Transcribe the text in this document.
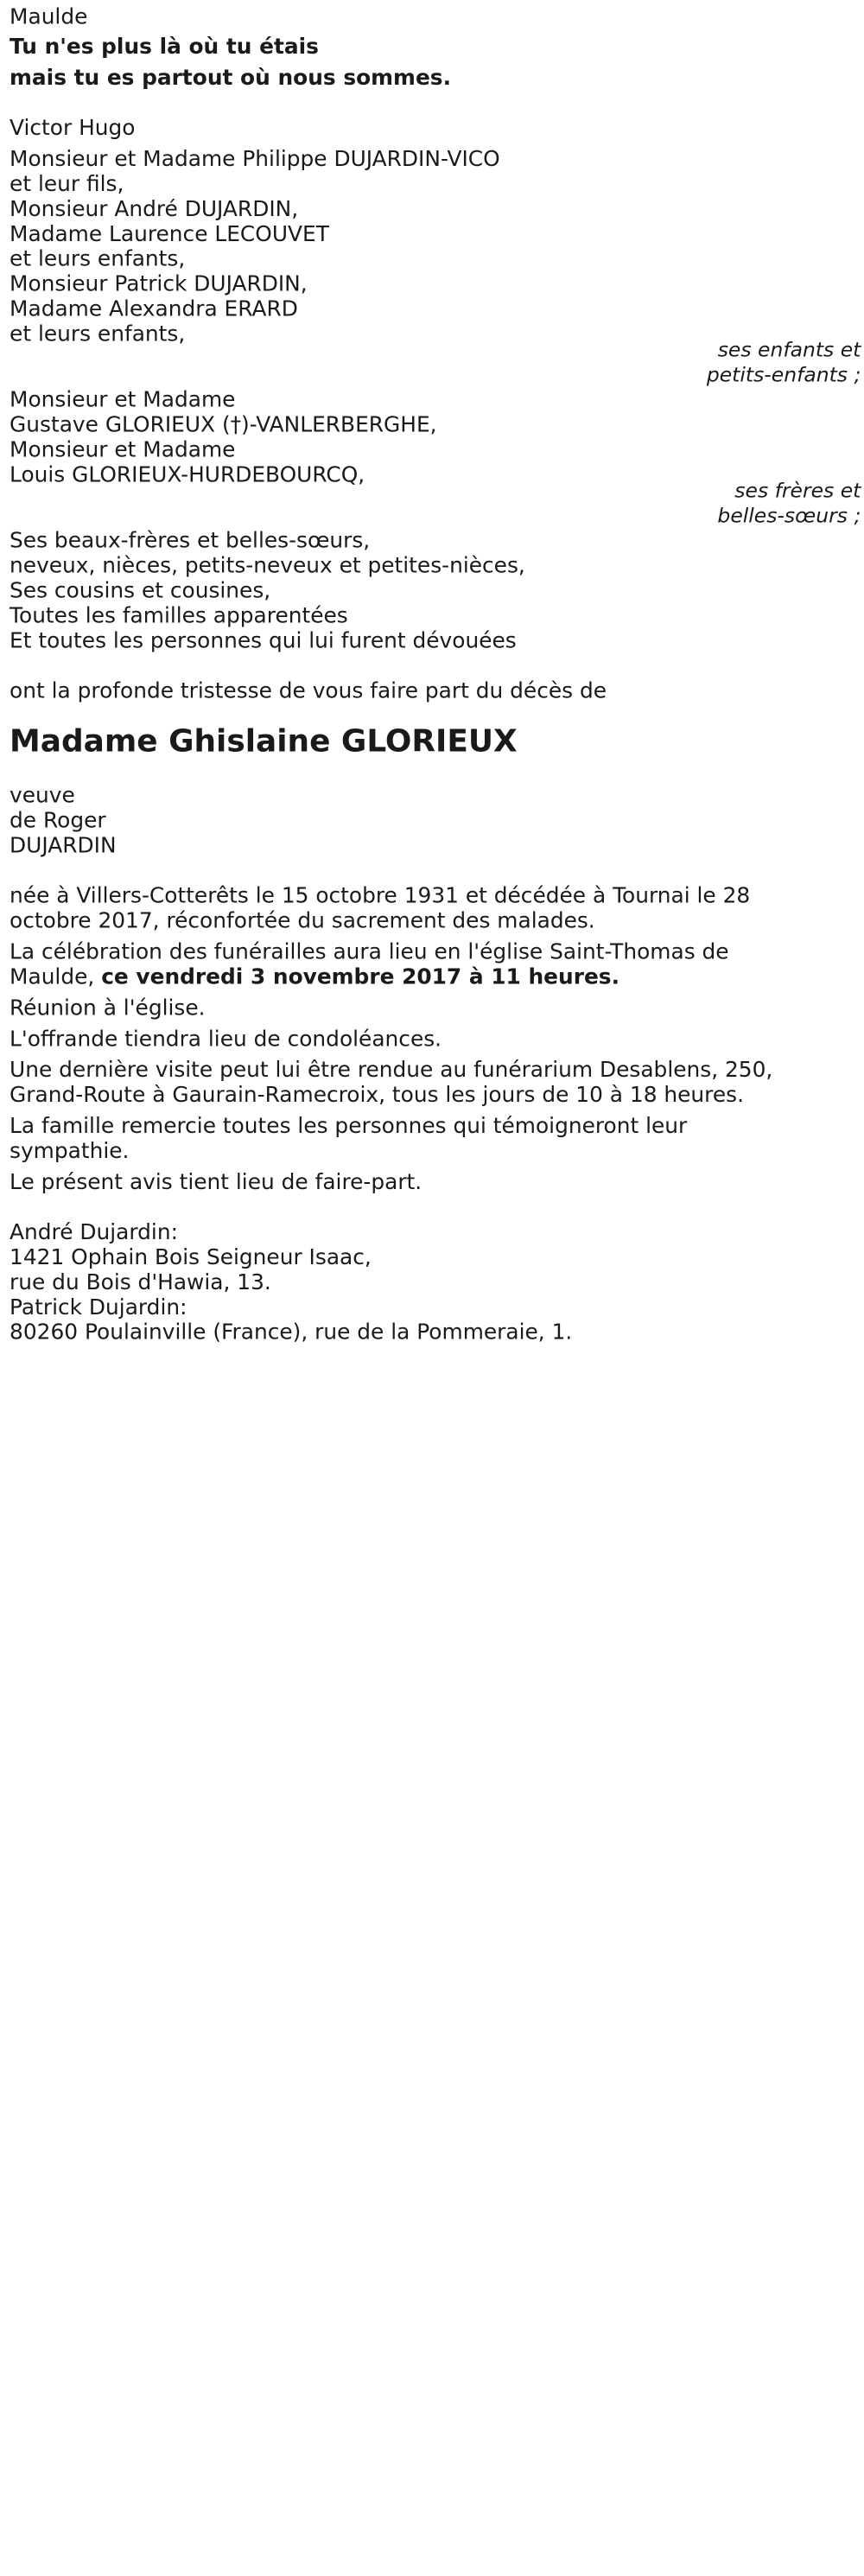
Maulde
Tu n'es plus là où tu étais
mais tu es partout où nous sommes.
Victor Hugo
Monsieur et Madame Philippe DUJARDIN-VICO
et leur fils,
Monsieur André DUJARDIN,
Madame Laurence LECOUVET
et leurs enfants,
Monsieur Patrick DUJARDIN,
Madame Alexandra ERARD
et leurs enfants,
ses enfants et
petits-enfants ;
Monsieur et Madame
Gustave GLORIEUX (†)-VANLERBERGHE,
Monsieur et Madame
Louis GLORIEUX-HURDEBOURCQ,
ses frères et
belles-sœurs ;
Ses beaux-frères et belles-sœurs,
neveux, nièces, petits-neveux et petites-nièces,
Ses cousins et cousines,
Toutes les familles apparentées
Et toutes les personnes qui lui furent dévouées
ont la profonde tristesse de vous faire part du décès de
Madame Ghislaine GLORIEUX
veuve
de Roger
DUJARDIN
née à Villers-Cotterêts le 15 octobre 1931 et décédée à Tournai le 28
octobre 2017, réconfortée du sacrement des malades.
La célébration des funérailles aura lieu en l'église Saint-Thomas de
Maulde, ce vendredi 3 novembre 2017 à 11 heures.
Réunion à l'église.
L'offrande tiendra lieu de condoléances.
Une dernière visite peut lui être rendue au funérarium Desablens, 250,
Grand-Route à Gaurain-Ramecroix, tous les jours de 10 à 18 heures.
La famille remercie toutes les personnes qui témoigneront leur
sympathie.
Le présent avis tient lieu de faire-part.
André Dujardin:
1421 Ophain Bois Seigneur Isaac,
rue du Bois d'Hawia, 13.
Patrick Dujardin:
80260 Poulainville (France), rue de la Pommeraie, 1.
